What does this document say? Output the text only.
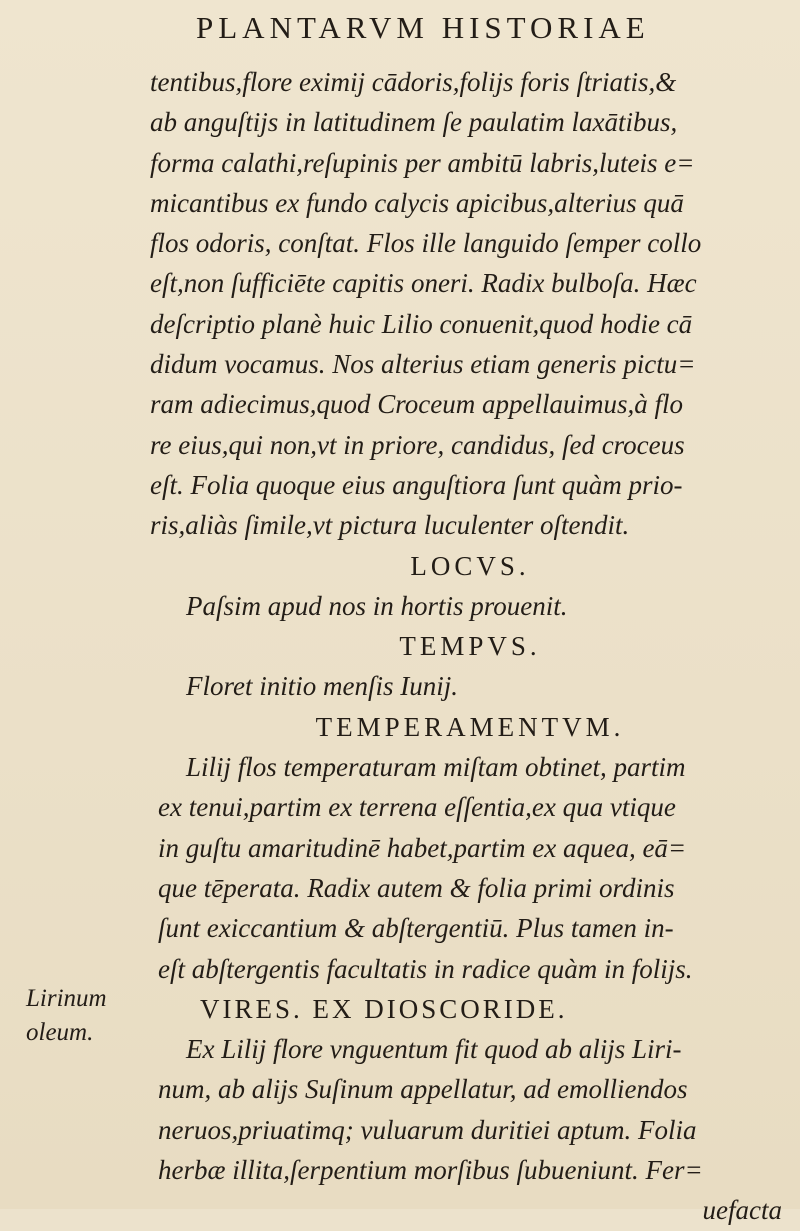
PLANTARVM HISTORIAE
Lirinum
oleum.
tentibus,flore eximij cādoris,folijs foris ſtriatis,&
ab anguſtijs in latitudinem ſe paulatim laxātibus,
forma calathi,reſupinis per ambitū labris,luteis e=
micantibus ex fundo calycis apicibus,alterius quā
flos odoris, conſtat. Flos ille languido ſemper collo
eſt,non ſufficiēte capitis oneri. Radix bulboſa. Hæc
deſcriptio planè huic Lilio conuenit,quod hodie cā
didum vocamus. Nos alterius etiam generis pictu=
ram adiecimus,quod Croceum appellauimus,à flo
re eius,qui non,vt in priore, candidus, ſed croceus
eſt. Folia quoque eius anguſtiora ſunt quàm prio-
ris,aliàs ſimile,vt pictura luculenter oſtendit.
LOCVS.
Paſsim apud nos in hortis prouenit.
TEMPVS.
Floret initio menſis Iunij.
TEMPERAMENTVM.
Lilij flos temperaturam miſtam obtinet, partim
ex tenui,partim ex terrena eſſentia,ex qua vtique
in guſtu amaritudinē habet,partim ex aquea, eā=
que tēperata. Radix autem & folia primi ordinis
ſunt exiccantium & abſtergentiū. Plus tamen in-
eſt abſtergentis facultatis in radice quàm in folijs.
VIRES. EX DIOSCORIDE.
Ex Lilij flore vnguentum fit quod ab alijs Liri-
num, ab alijs Suſinum appellatur, ad emolliendos
neruos,priuatimq; vuluarum duritiei aptum. Folia
herbæ illita,ſerpentium morſibus ſubueniunt. Fer=
uefacta
